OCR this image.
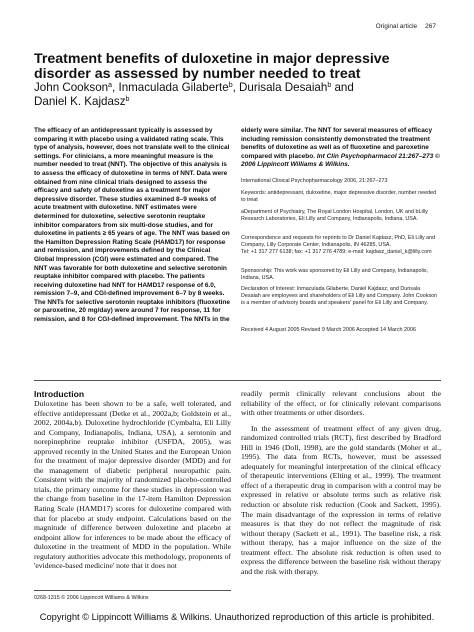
Original article 267
Treatment benefits of duloxetine in major depressive disorder as assessed by number needed to treat
John Cookson$^a$, Inmaculada Gilaberte$^b$, Durisala Desaiah$^b$ and
Daniel K. Kajdasz$^b$

The efficacy of an antidepressant typically is assessed by comparing it with placebo using a validated rating scale. This type of analysis, however, does not translate well to the clinical settings. For clinicians, a more meaningful measure is the number needed to treat (NNT). The objective of this analysis is to assess the efficacy of duloxetine in terms of NNT. Data were obtained from nine clinical trials designed to assess the efficacy and safety of duloxetine as a treatment for major depressive disorder. These studies examined 8–9 weeks of acute treatment with duloxetine. NNT estimates were determined for duloxetine, selective serotonin reuptake inhibitor comparators from six multi-dose studies, and for duloxetine in patients ≥ 65 years of age. The NNT was based on the Hamilton Depression Rating Scale (HAMD17) for response and remission, and improvements defined by the Clinical Global Impression (CGI) were estimated and compared. The NNT was favorable for both duloxetine and selective serotonin reuptake inhibitor compared with placebo. The patients receiving duloxetine had NNT for HAMD17 response of 6.0, remission 7–9, and CGI-defined improvement 6–7 by 8 weeks. The NNTs for selective serotonin reuptake inhibitors (fluoxetine or paroxetine, 20 mg/day) were around 7 for response, 11 for remission, and 8 for CGI-defined improvement. The NNTs in the

elderly were similar. The NNT for several measures of efficacy including remission consistently demonstrated the treatment benefits of duloxetine as well as of fluoxetine and paroxetine compared with placebo. Int Clin Psychopharmacol 21:267–273 © 2006 Lippincott Williams & Wilkins.
International Clinical Psychopharmacology 2006, 21:267–273
Keywords: antidepressant, duloxetine, major depressive disorder, number needed to treat
aDepartment of Psychiatry, The Royal London Hospital, London, UK and bLilly Research Laboratories, Eli Lilly and Company, Indianapolis, Indiana, USA.
Correspondence and requests for reprints to Dr Daniel Kajdasz, PhD, Eli Lilly and Company, Lilly Corporate Center, Indianapolis, IN 46285, USA.
Tel: +1 317 277 6138; fax: +1 317 276 4789; e-mail: kajdasz_daniel_k@lilly.com
Sponsorship: This work was sponsored by Eli Lilly and Company, Indianapolis, Indiana, USA.
Declaration of Interest: Inmaculada Gilaberte, Daniel Kajdasz, and Durisala Desaiah are employees and shareholders of Eli Lilly and Company. John Cookson is a member of advisory boards and speakers' panel for Eli Lilly and Company.
Received 4 August 2005 Revised 9 March 2006 Accepted 14 March 2006
Introduction

Duloxetine has been shown to be a safe, well tolerated, and effective antidepressant (Detke et al., 2002a,b; Goldstein et al., 2002, 2004a,b). Duloxetine hydrochloride (Cymbalta, Eli Lilly and Company, Indianapolis, Indiana, USA), a serotonin and norepinephrine reuptake inhibitor (USFDA, 2005), was approved recently in the United States and the European Union for the treatment of major depressive disorder (MDD) and for the management of diabetic peripheral neuropathic pain. Consistent with the majority of randomized placebo-controlled trials, the primary outcome for these studies in depression was the change from baseline in the 17-item Hamilton Depression Rating Scale (HAMD17) scores for duloxetine compared with that for placebo at study endpoint. Calculations based on the magnitude of difference between duloxetine and placebo at endpoint allow for inferences to be made about the efficacy of duloxetine in the treatment of MDD in the population. While regulatory authorities advocate this methodology, proponents of 'evidence-based medicine' note that it does not

readily permit clinically relevant conclusions about the reliability of the effect, or for clinically relevant comparisons with other treatments or other disorders.

In the assessment of treatment effect of any given drug, randomized controlled trials (RCT), first described by Bradford Hill in 1946 (Doll, 1998), are the gold standards (Moher et al., 1995). The data from RCTs, however, must be assessed adequately for meaningful interpretation of the clinical efficacy of therapeutic interventions (Elting et al., 1999). The treatment effect of a therapeutic drug in comparison with a control may be expressed in relative or absolute terms such as relative risk reduction or absolute risk reduction (Cook and Sackett, 1995). The main disadvantage of the expression in terms of relative measures is that they do not reflect the magnitude of risk without therapy (Sackett et al., 1991). The baseline risk, a risk without therapy, has a major influence on the size of the treatment effect. The absolute risk reduction is often used to express the difference between the baseline risk without therapy and the risk with therapy.

0268-1315 © 2006 Lippincott Williams & Wilkins
Copyright © Lippincott Williams & Wilkins. Unauthorized reproduction of this article is prohibited.
